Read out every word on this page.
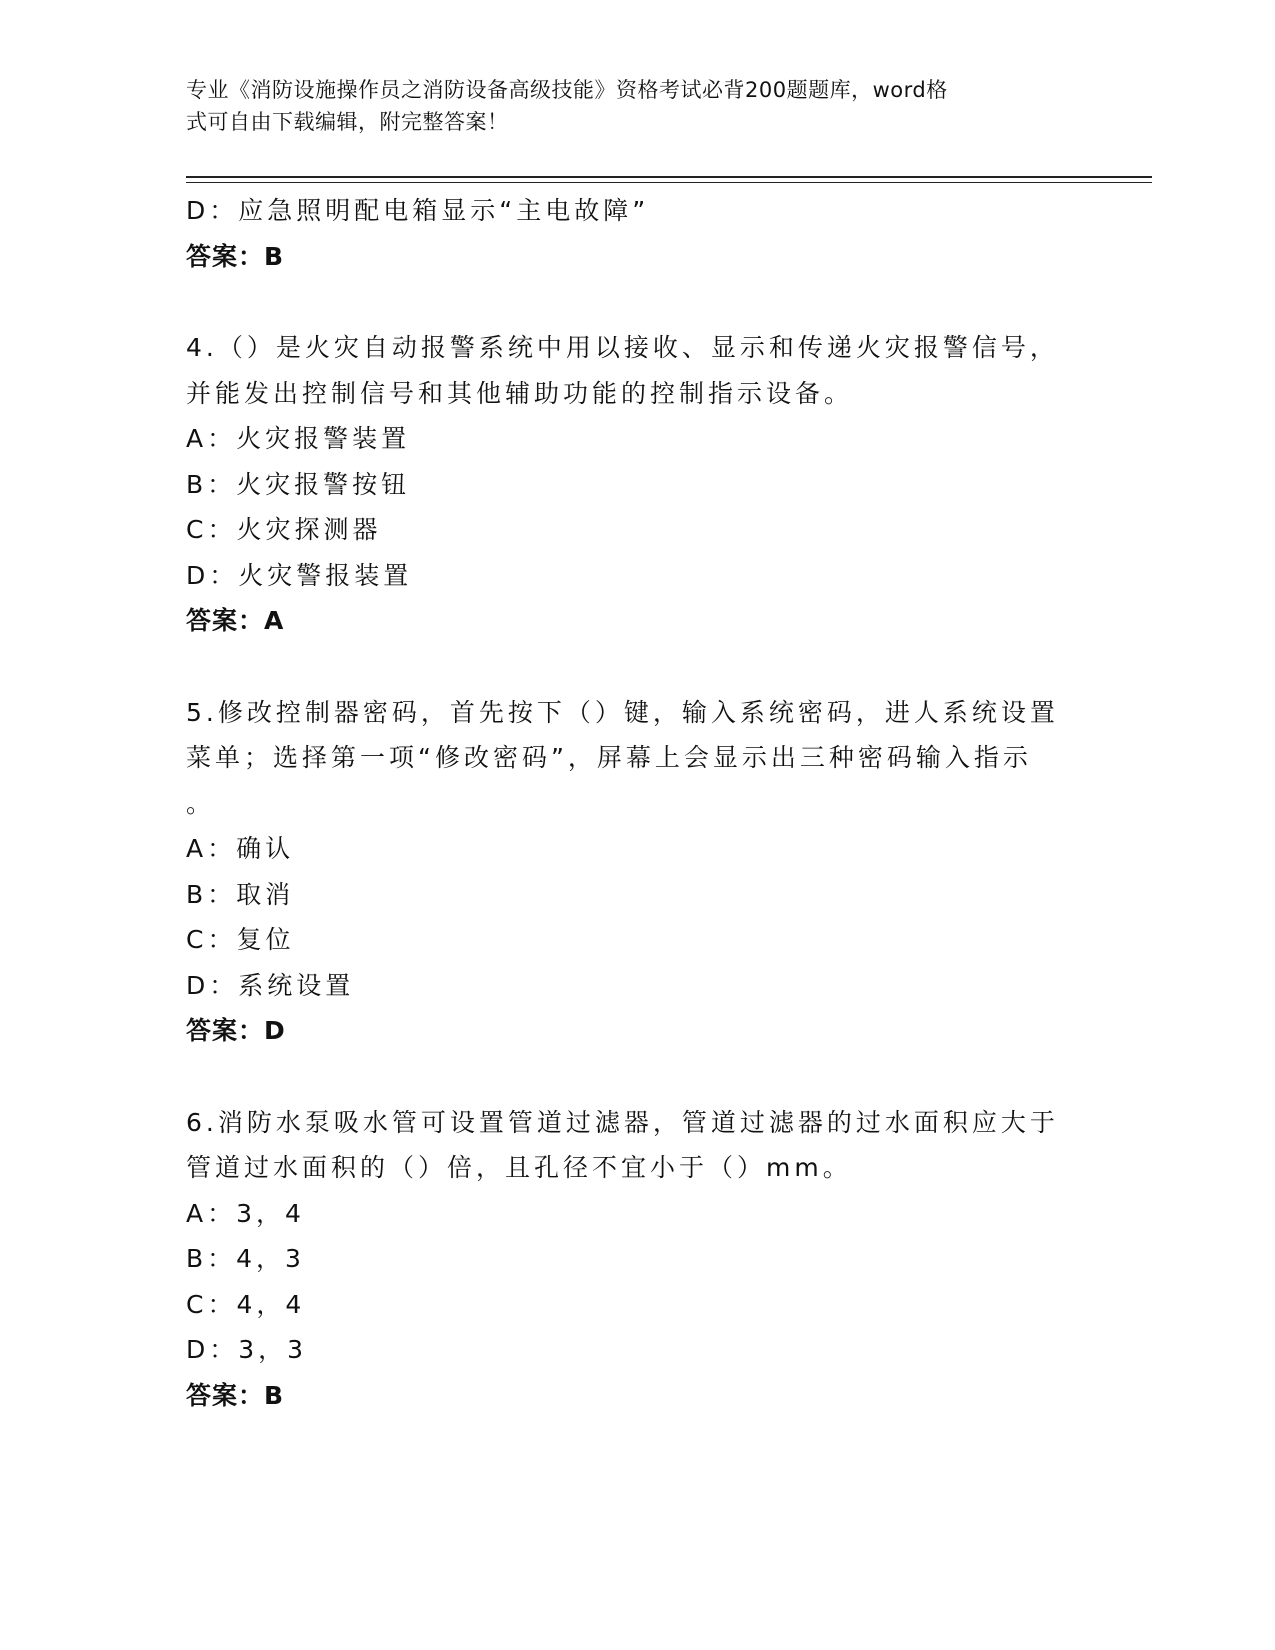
专业《消防设施操作员之消防设备高级技能》资格考试必背200题题库，word格
式可自由下载编辑，附完整答案！
D：应急照明配电箱显示“主电故障”
答案：B
4.（）是火灾自动报警系统中用以接收、显示和传递火灾报警信号，
并能发出控制信号和其他辅助功能的控制指示设备。
A：火灾报警装置
B：火灾报警按钮
C：火灾探测器
D：火灾警报装置
答案：A
5.修改控制器密码，首先按下（）键，输入系统密码，进人系统设置
菜单；选择第一项“修改密码”，屏幕上会显示出三种密码输入指示
。
A：确认
B：取消
C：复位
D：系统设置
答案：D
6.消防水泵吸水管可设置管道过滤器，管道过滤器的过水面积应大于
管道过水面积的（）倍，且孔径不宜小于（）mm。
A：3，4
B：4，3
C：4，4
D：3，3
答案：B
